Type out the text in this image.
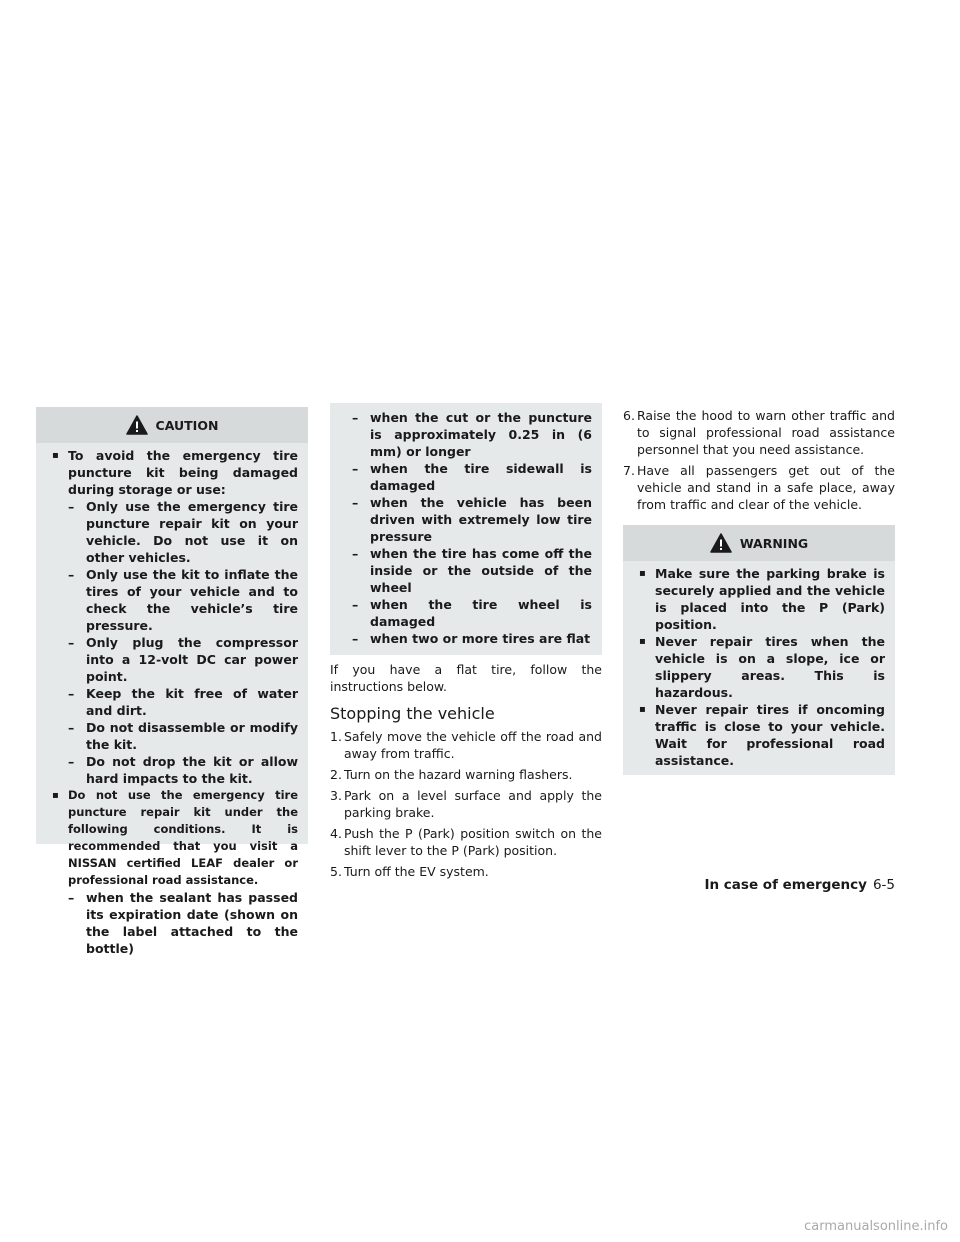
CAUTION

▪ To avoid the emergency tire puncture kit being damaged during storage or use:

– Only use the emergency tire puncture repair kit on your vehicle. Do not use it on other vehicles.

– Only use the kit to inflate the tires of your vehicle and to check the vehicle’s tire pressure.

– Only plug the compressor into a 12-volt DC car power point.

– Keep the kit free of water and dirt.

– Do not disassemble or modify the kit.

– Do not drop the kit or allow hard impacts to the kit.

▪ Do not use the emergency tire puncture repair kit under the following conditions. It is recommended that you visit a NISSAN certified LEAF dealer or professional road assistance.

– when the sealant has passed its expiration date (shown on the label attached to the bottle)

– when the cut or the puncture is approximately 0.25 in (6 mm) or longer

– when the tire sidewall is damaged

– when the vehicle has been driven with extremely low tire pressure

– when the tire has come off the inside or the outside of the wheel

– when the tire wheel is damaged

– when two or more tires are flat

If you have a flat tire, follow the instructions below.

Stopping the vehicle

1. Safely move the vehicle off the road and away from traffic.

2. Turn on the hazard warning flashers.

3. Park on a level surface and apply the parking brake.

4. Push the P (Park) position switch on the shift lever to the P (Park) position.

5. Turn off the EV system.

6. Raise the hood to warn other traffic and to signal professional road assistance personnel that you need assistance.

7. Have all passengers get out of the vehicle and stand in a safe place, away from traffic and clear of the vehicle.

WARNING

▪ Make sure the parking brake is securely applied and the vehicle is placed into the P (Park) position.

▪ Never repair tires when the vehicle is on a slope, ice or slippery areas. This is hazardous.

▪ Never repair tires if oncoming traffic is close to your vehicle. Wait for professional road assistance.

In case of emergency 6-5
carmanualsonline.info
